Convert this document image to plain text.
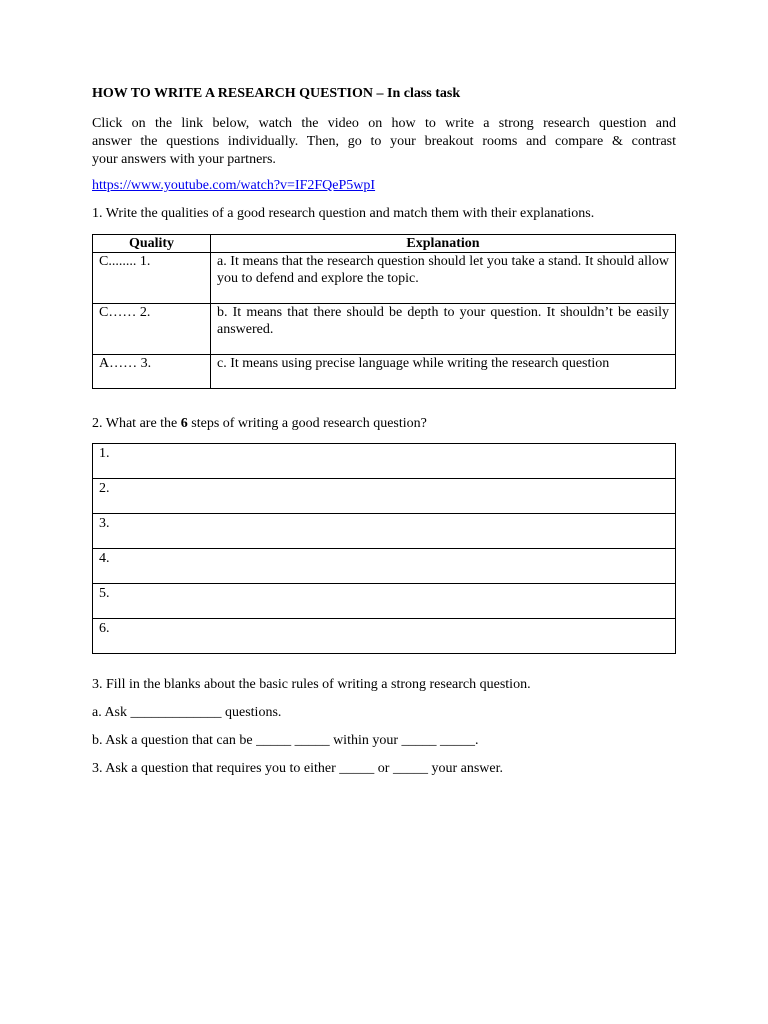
HOW TO WRITE A RESEARCH QUESTION – In class task
Click on the link below, watch the video on how to write a strong research question and
answer the questions individually. Then, go to your breakout rooms and compare & contrast
your answers with your partners.
https://www.youtube.com/watch?v=IF2FQeP5wpI
1. Write the qualities of a good research question and match them with their explanations.
Quality	Explanation
C........ 1.	a. It means that the research question should let you take a stand. It should allow you to defend and explore the topic.
C…… 2.	b. It means that there should be depth to your question. It shouldn’t be easily answered.
A…… 3.	c. It means using precise language while writing the research question
2. What are the 6 steps of writing a good research question?
1.
2.
3.
4.
5.
6.
3. Fill in the blanks about the basic rules of writing a strong research question.
a. Ask _____________ questions.
b. Ask a question that can be _____ _____ within your _____ _____.
3. Ask a question that requires you to either _____ or _____ your answer.
